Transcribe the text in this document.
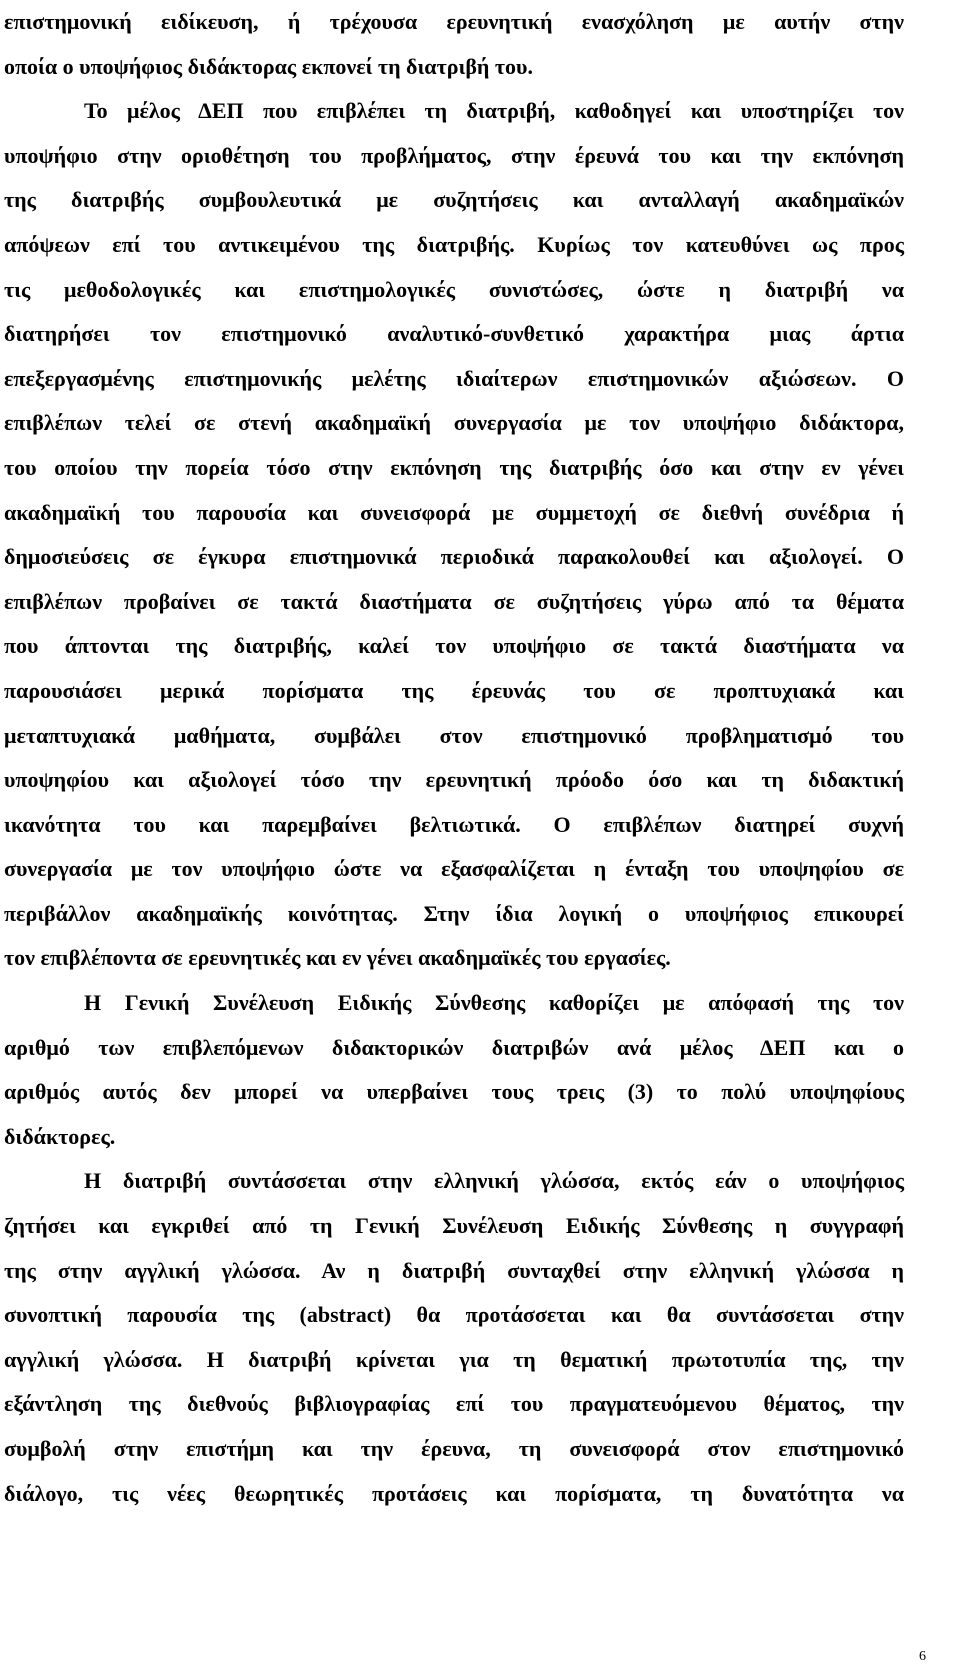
επιστημονική ειδίκευση, ή τρέχουσα ερευνητική ενασχόληση με αυτήν στην
οποία ο υποψήφιος διδάκτορας εκπονεί τη διατριβή του.
Το μέλος ΔΕΠ που επιβλέπει τη διατριβή, καθοδηγεί και υποστηρίζει τον
υποψήφιο στην οριοθέτηση του προβλήματος, στην έρευνά του και την εκπόνηση
της διατριβής συμβουλευτικά με συζητήσεις και ανταλλαγή ακαδημαϊκών
απόψεων επί του αντικειμένου της διατριβής. Κυρίως τον κατευθύνει ως προς
τις μεθοδολογικές και επιστημολογικές συνιστώσες, ώστε η διατριβή να
διατηρήσει τον επιστημονικό αναλυτικό-συνθετικό χαρακτήρα μιας άρτια
επεξεργασμένης επιστημονικής μελέτης ιδιαίτερων επιστημονικών αξιώσεων. Ο
επιβλέπων τελεί σε στενή ακαδημαϊκή συνεργασία με τον υποψήφιο διδάκτορα,
του οποίου την πορεία τόσο στην εκπόνηση της διατριβής όσο και στην εν γένει
ακαδημαϊκή του παρουσία και συνεισφορά με συμμετοχή σε διεθνή συνέδρια ή
δημοσιεύσεις σε έγκυρα επιστημονικά περιοδικά παρακολουθεί και αξιολογεί. Ο
επιβλέπων προβαίνει σε τακτά διαστήματα σε συζητήσεις γύρω από τα θέματα
που άπτονται της διατριβής, καλεί τον υποψήφιο σε τακτά διαστήματα να
παρουσιάσει μερικά πορίσματα της έρευνάς του σε προπτυχιακά και
μεταπτυχιακά μαθήματα, συμβάλει στον επιστημονικό προβληματισμό του
υποψηφίου και αξιολογεί τόσο την ερευνητική πρόοδο όσο και τη διδακτική
ικανότητα του και παρεμβαίνει βελτιωτικά. Ο επιβλέπων διατηρεί συχνή
συνεργασία με τον υποψήφιο ώστε να εξασφαλίζεται η ένταξη του υποψηφίου σε
περιβάλλον ακαδημαϊκής κοινότητας. Στην ίδια λογική ο υποψήφιος επικουρεί
τον επιβλέποντα σε ερευνητικές και εν γένει ακαδημαϊκές του εργασίες.
Η Γενική Συνέλευση Ειδικής Σύνθεσης καθορίζει με απόφασή της τον
αριθμό των επιβλεπόμενων διδακτορικών διατριβών ανά μέλος ΔΕΠ και ο
αριθμός αυτός δεν μπορεί να υπερβαίνει τους τρεις (3) το πολύ υποψηφίους
διδάκτορες.
Η διατριβή συντάσσεται στην ελληνική γλώσσα, εκτός εάν ο υποψήφιος
ζητήσει και εγκριθεί από τη Γενική Συνέλευση Ειδικής Σύνθεσης η συγγραφή
της στην αγγλική γλώσσα. Αν η διατριβή συνταχθεί στην ελληνική γλώσσα η
συνοπτική παρουσία της (abstract) θα προτάσσεται και θα συντάσσεται στην
αγγλική γλώσσα. Η διατριβή κρίνεται για τη θεματική πρωτοτυπία της, την
εξάντληση της διεθνούς βιβλιογραφίας επί του πραγματευόμενου θέματος, την
συμβολή στην επιστήμη και την έρευνα, τη συνεισφορά στον επιστημονικό
διάλογο, τις νέες θεωρητικές προτάσεις και πορίσματα, τη δυνατότητα να
6
